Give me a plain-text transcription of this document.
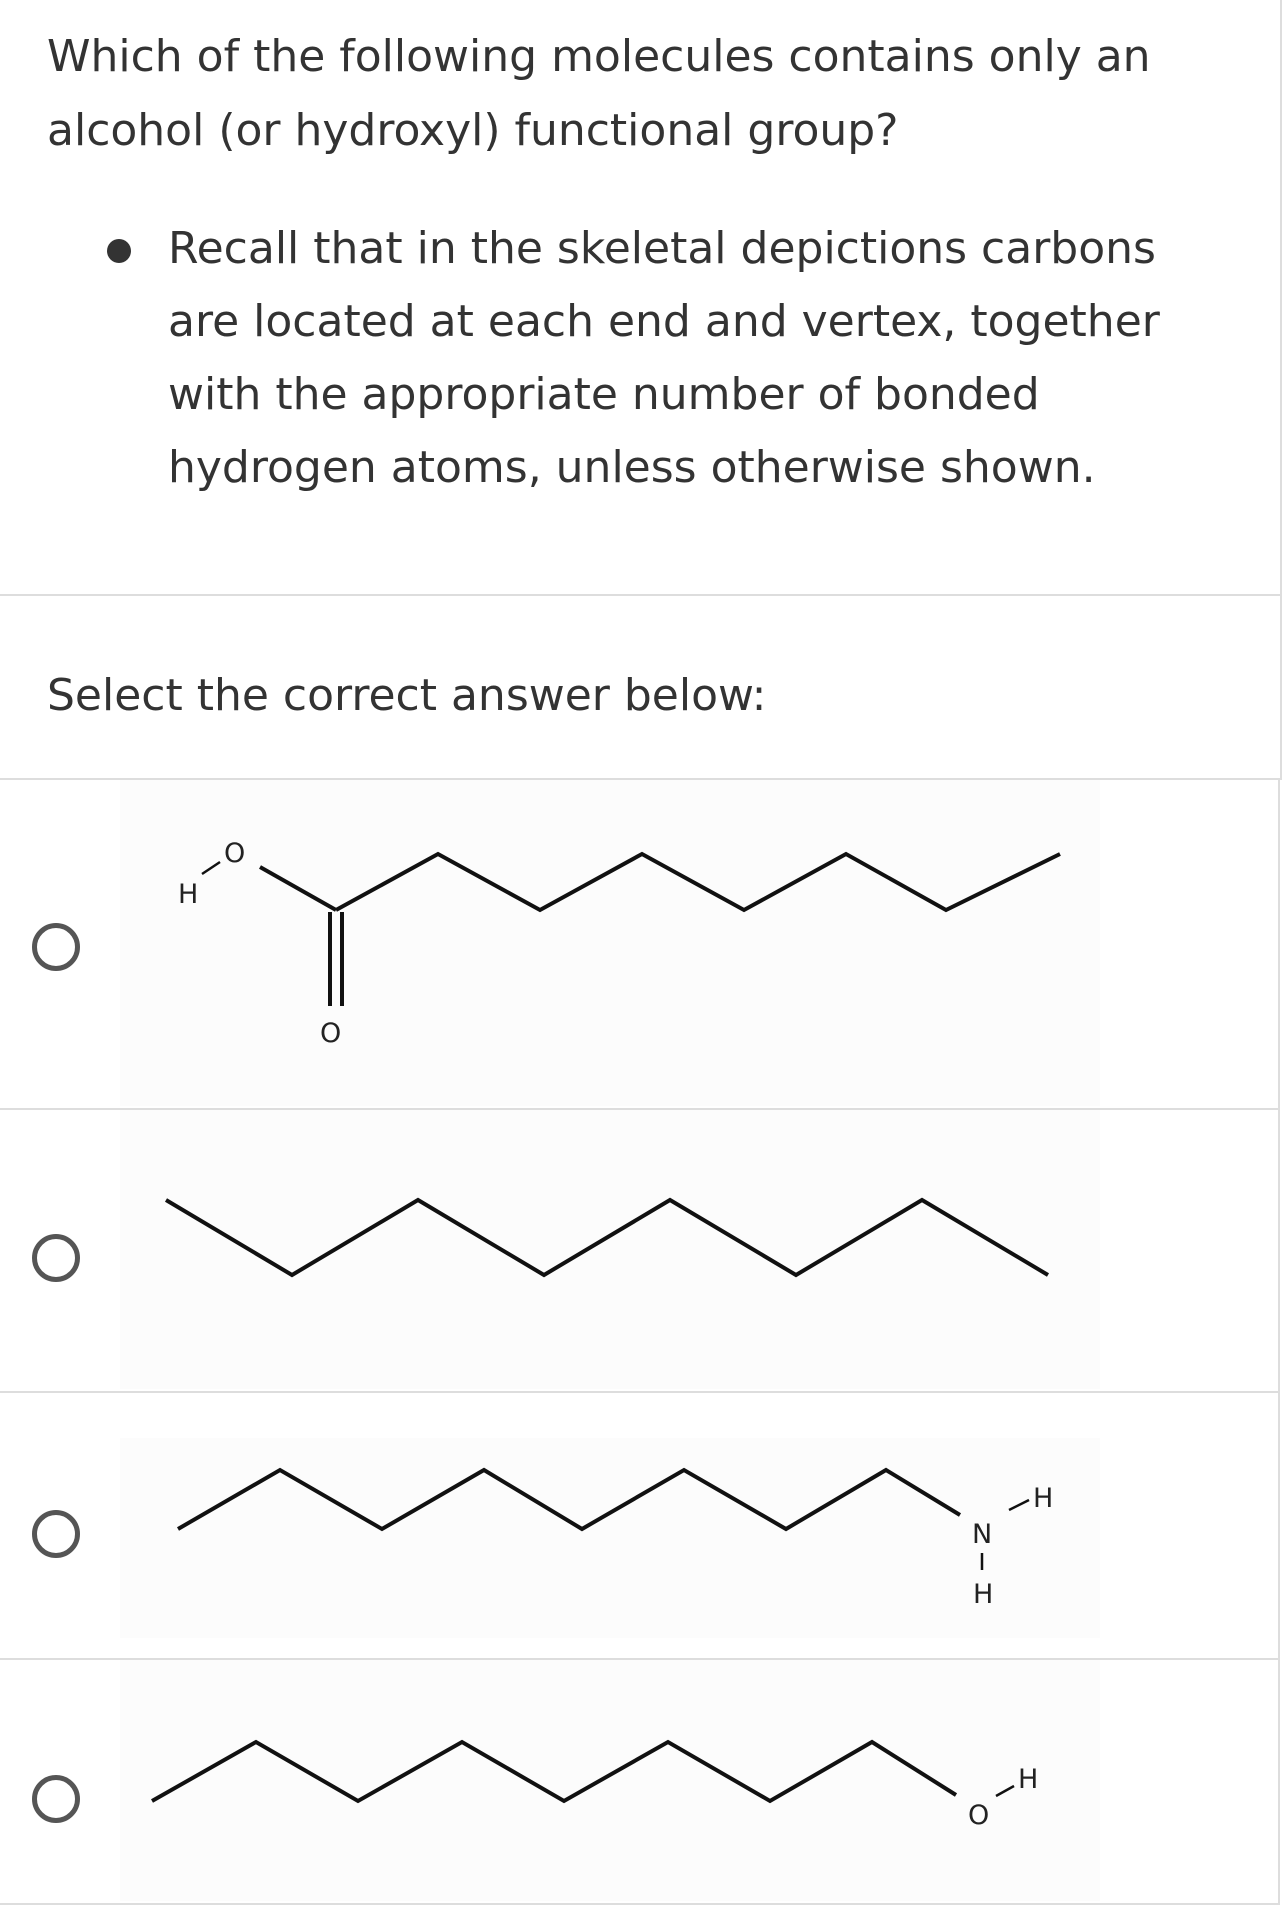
Which of the following molecules contains only an alcohol (or hydroxyl) functional group?

Recall that in the skeletal depictions carbons are located at each end and vertex, together with the appropriate number of bonded hydrogen atoms, unless otherwise shown.
Select the correct answer below:
H
O
O
N
H
H
O
H
